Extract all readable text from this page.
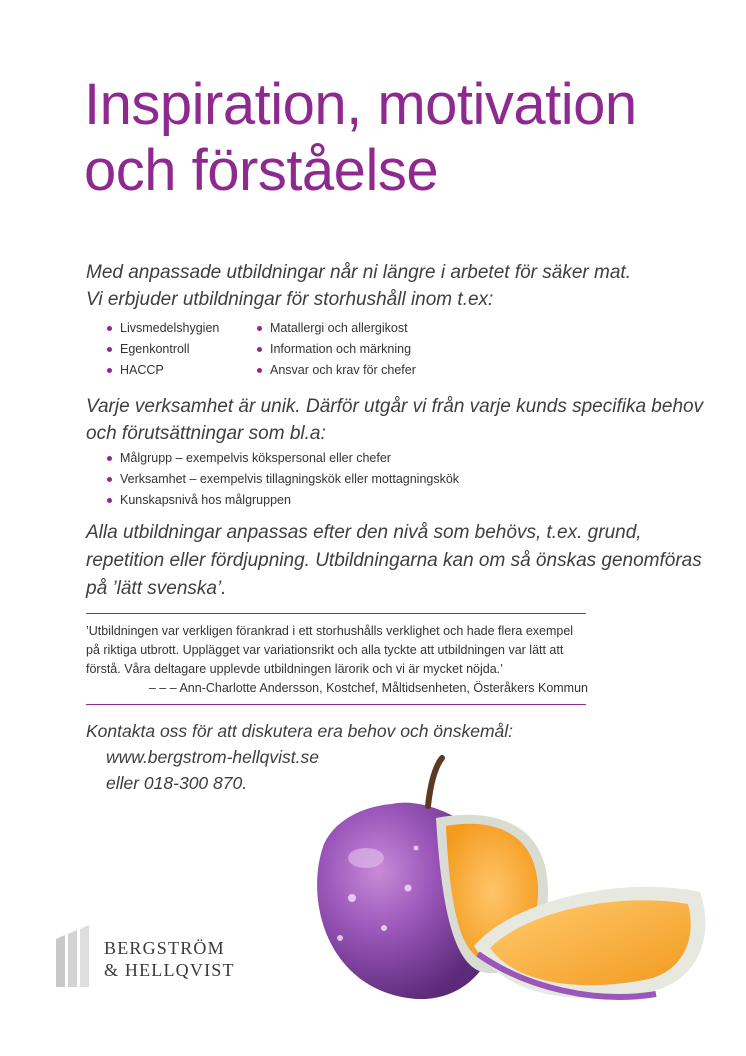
Inspiration, motivation
och förståelse

Med anpassade utbildningar når ni längre i arbetet för säker mat.
Vi erbjuder utbildningar för storhushåll inom t.ex:

Livsmedelshygien
Egenkontroll
HACCP
Matallergi och allergikost
Information och märkning
Ansvar och krav för chefer

Varje verksamhet är unik. Därför utgår vi från varje kunds specifika behov
och förutsättningar som bl.a:

Målgrupp – exempelvis kökspersonal eller chefer
Verksamhet – exempelvis tillagningskök eller mottagningskök
Kunskapsnivå hos målgruppen

Alla utbildningar anpassas efter den nivå som behövs, t.ex. grund,
repetition eller fördjupning. Utbildningarna kan om så önskas genomföras
på ’lätt svenska’.

’Utbildningen var verkligen förankrad i ett storhushålls verklighet och hade flera exempel
på riktiga utbrott. Upplägget var variationsrikt och alla tyckte att utbildningen var lätt att
förstå. Våra deltagare upplevde utbildningen lärorik och vi är mycket nöjda.’
– – – Ann-Charlotte Andersson, Kostchef, Måltidsenheten, Österåkers Kommun
Kontakta oss för att diskutera era behov och önskemål:
www.bergstrom-hellqvist.se
eller 018-300 870.
BERGSTRÖM
& HELLQVIST
